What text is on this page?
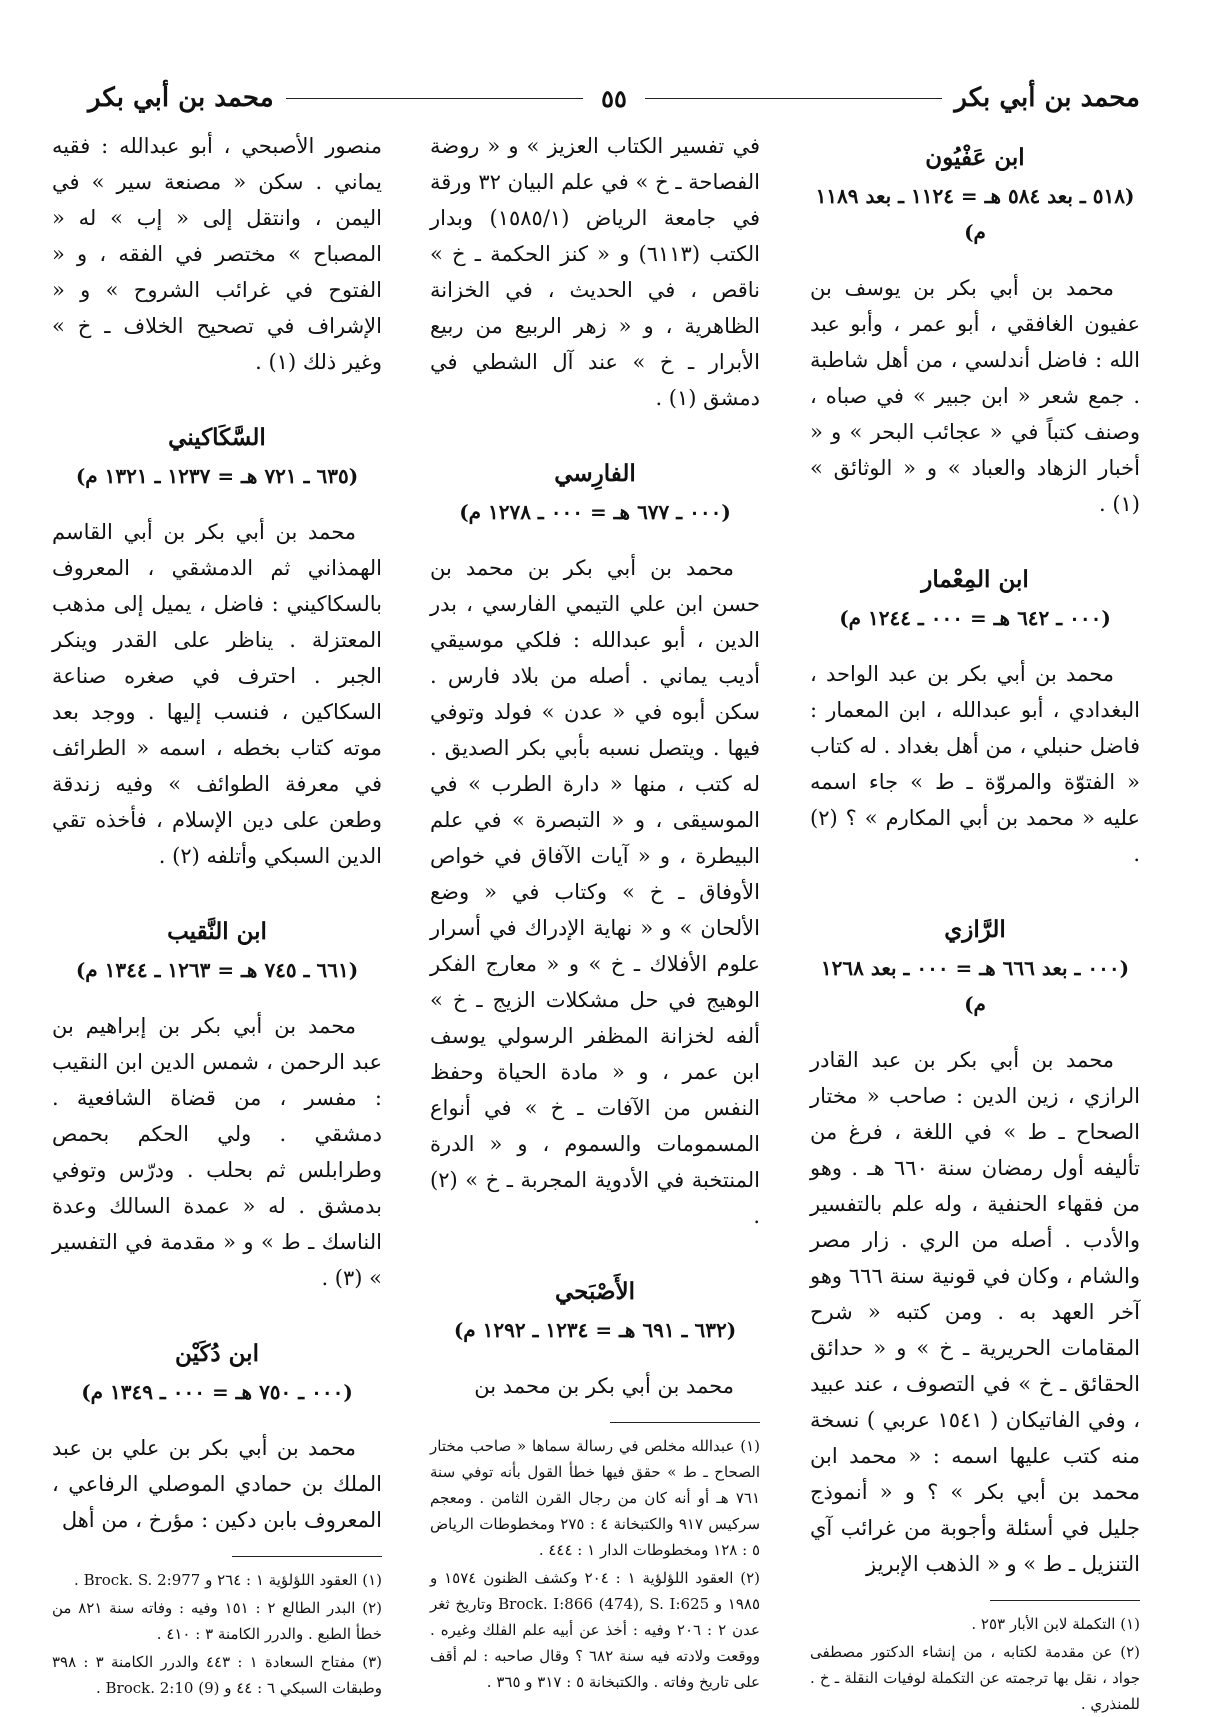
محمد بن أبي بكر
٥٥
محمد بن أبي بكر
ابن عَفْيُون
(٥١٨ ـ بعد ٥٨٤ هـ = ١١٢٤ ـ بعد ١١٨٩ م)

محمد بن أبي بكر بن يوسف بن عفيون الغافقي ، أبو عمر ، وأبو عبد الله : فاضل أندلسي ، من أهل شاطبة . جمع شعر « ابن جبير » في صباه ، وصنف كتباً في « عجائب البحر » و « أخبار الزهاد والعباد » و « الوثائق » (١) .

ابن المِعْمار
(٠٠٠ ـ ٦٤٢ هـ = ٠٠٠ ـ ١٢٤٤ م)

محمد بن أبي بكر بن عبد الواحد ، البغدادي ، أبو عبدالله ، ابن المعمار : فاضل حنبلي ، من أهل بغداد . له كتاب « الفتوّة والمروّة ـ ط » جاء اسمه عليه « محمد بن أبي المكارم » ؟ (٢) .

الرَّازي
(٠٠٠ ـ بعد ٦٦٦ هـ = ٠٠٠ ـ بعد ١٢٦٨ م)

محمد بن أبي بكر بن عبد القادر الرازي ، زين الدين : صاحب « مختار الصحاح ـ ط » في اللغة ، فرغ من تأليفه أول رمضان سنة ٦٦٠ هـ . وهو من فقهاء الحنفية ، وله علم بالتفسير والأدب . أصله من الري . زار مصر والشام ، وكان في قونية سنة ٦٦٦ وهو آخر العهد به . ومن كتبه « شرح المقامات الحريرية ـ خ » و « حدائق الحقائق ـ خ » في التصوف ، عند عبيد ، وفي الفاتيكان ( ١٥٤١ عربي ) نسخة منه كتب عليها اسمه : « محمد ابن محمد بن أبي بكر » ؟ و « أنموذج جليل في أسئلة وأجوبة من غرائب آي التنزيل ـ ط » و « الذهب الإبريز

(١) التكملة لابن الأبار ٢٥٣ .

(٢) عن مقدمة لكتابه ، من إنشاء الدكتور مصطفى جواد ، نقل بها ترجمته عن التكملة لوفيات النقلة ـ خ . للمنذري .

في تفسير الكتاب العزيز » و « روضة الفصاحة ـ خ » في علم البيان ٣٢ ورقة في جامعة الرياض (١٥٨٥/١) وبدار الكتب (٦١١٣) و « كنز الحكمة ـ خ » ناقص ، في الحديث ، في الخزانة الظاهرية ، و « زهر الربيع من ربيع الأبرار ـ خ » عند آل الشطي في دمشق (١) .

الفارِسي
(٠٠٠ ـ ٦٧٧ هـ = ٠٠٠ ـ ١٢٧٨ م)

محمد بن أبي بكر بن محمد بن حسن ابن علي التيمي الفارسي ، بدر الدين ، أبو عبدالله : فلكي موسيقي أديب يماني . أصله من بلاد فارس . سكن أبوه في « عدن » فولد وتوفي فيها . ويتصل نسبه بأبي بكر الصديق . له كتب ، منها « دارة الطرب » في الموسيقى ، و « التبصرة » في علم البيطرة ، و « آيات الآفاق في خواص الأوفاق ـ خ » وكتاب في « وضع الألحان » و « نهاية الإدراك في أسرار علوم الأفلاك ـ خ » و « معارج الفكر الوهيج في حل مشكلات الزيج ـ خ » ألفه لخزانة المظفر الرسولي يوسف ابن عمر ، و « مادة الحياة وحفظ النفس من الآفات ـ خ » في أنواع المسمومات والسموم ، و « الدرة المنتخبة في الأدوية المجربة ـ خ » (٢) .

الأَصْبَحي
(٦٣٢ ـ ٦٩١ هـ = ١٢٣٤ ـ ١٢٩٢ م)

محمد بن أبي بكر بن محمد بن

(١) عبدالله مخلص في رسالة سماها « صاحب مختار الصحاح ـ ط » حقق فيها خطأ القول بأنه توفي سنة ٧٦١ هـ أو أنه كان من رجال القرن الثامن . ومعجم سركيس ٩١٧ والكتبخانة ٤ : ٢٧٥ ومخطوطات الرياض ٥ : ١٢٨ ومخطوطات الدار ١ : ٤٤٤ .

(٢) العقود اللؤلؤية ١ : ٢٠٤ وكشف الظنون ١٥٧٤ و ١٩٨٥ و Brock. I:866 (474), S. I:625 وتاريخ ثغر عدن ٢ : ٢٠٦ وفيه : أخذ عن أبيه علم الفلك وغيره . ووقعت ولادته فيه سنة ٦٨٢ ؟ وقال صاحبه : لم أقف على تاريخ وفاته . والكتبخانة ٥ : ٣١٧ و ٣٦٥ .

منصور الأصبحي ، أبو عبدالله : فقيه يماني . سكن « مصنعة سير » في اليمن ، وانتقل إلى « إب » له « المصباح » مختصر في الفقه ، و « الفتوح في غرائب الشروح » و « الإشراف في تصحيح الخلاف ـ خ » وغير ذلك (١) .

السَّكَاكيني
(٦٣٥ ـ ٧٢١ هـ = ١٢٣٧ ـ ١٣٢١ م)

محمد بن أبي بكر بن أبي القاسم الهمذاني ثم الدمشقي ، المعروف بالسكاكيني : فاضل ، يميل إلى مذهب المعتزلة . يناظر على القدر وينكر الجبر . احترف في صغره صناعة السكاكين ، فنسب إليها . ووجد بعد موته كتاب بخطه ، اسمه « الطرائف في معرفة الطوائف » وفيه زندقة وطعن على دين الإسلام ، فأخذه تقي الدين السبكي وأتلفه (٢) .

ابن النَّقيب
(٦٦١ ـ ٧٤٥ هـ = ١٢٦٣ ـ ١٣٤٤ م)

محمد بن أبي بكر بن إبراهيم بن عبد الرحمن ، شمس الدين ابن النقيب : مفسر ، من قضاة الشافعية . دمشقي . ولي الحكم بحمص وطرابلس ثم بحلب . ودرّس وتوفي بدمشق . له « عمدة السالك وعدة الناسك ـ ط » و « مقدمة في التفسير » (٣) .

ابن دُكَيْن
(٠٠٠ ـ ٧٥٠ هـ = ٠٠٠ ـ ١٣٤٩ م)

محمد بن أبي بكر بن علي بن عبد الملك بن حمادي الموصلي الرفاعي ، المعروف بابن دكين : مؤرخ ، من أهل

(١) العقود اللؤلؤية ١ : ٢٦٤ و Brock. S. 2:977 .

(٢) البدر الطالع ٢ : ١٥١ وفيه : وفاته سنة ٨٢١ من خطأ الطبع . والدرر الكامنة ٣ : ٤١٠ .

(٣) مفتاح السعادة ١ : ٤٤٣ والدرر الكامنة ٣ : ٣٩٨ وطبقات السبكي ٦ : ٤٤ و Brock. 2:10 (9) .
